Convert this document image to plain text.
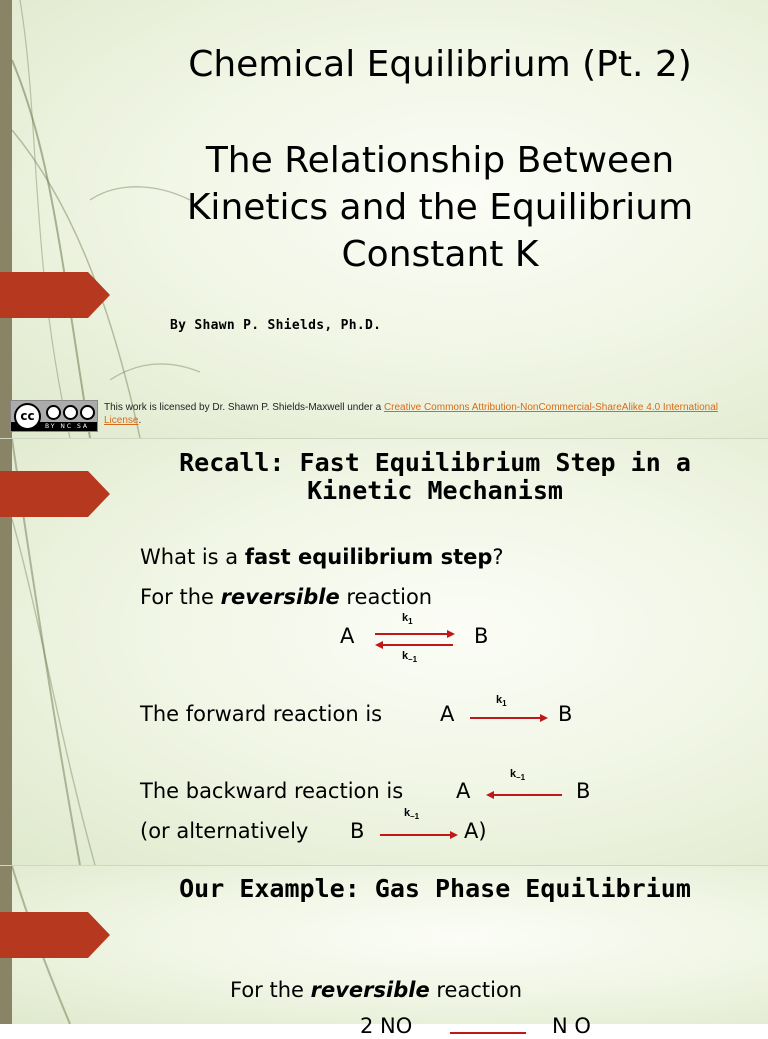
Chemical Equilibrium (Pt. 2)
The Relationship Between Kinetics and the Equilibrium Constant K
By Shawn P. Shields, Ph.D.
cc
BY NC SA
This work is licensed by Dr. Shawn P. Shields-Maxwell under a Creative Commons Attribution-NonCommercial-ShareAlike 4.0 International License.
Recall: Fast Equilibrium Step in a Kinetic Mechanism
What is a fast equilibrium step?
For the reversible reaction
A
$k_1$
$k_{-1}$
B
The forward reaction is	A
$k_1$ B
The backward reaction is	A
$k_{-1}$
B
(or alternatively B
$k_{-1}$
A)
Our Example: Gas Phase Equilibrium
For the reversible reaction
2 NO	N O
